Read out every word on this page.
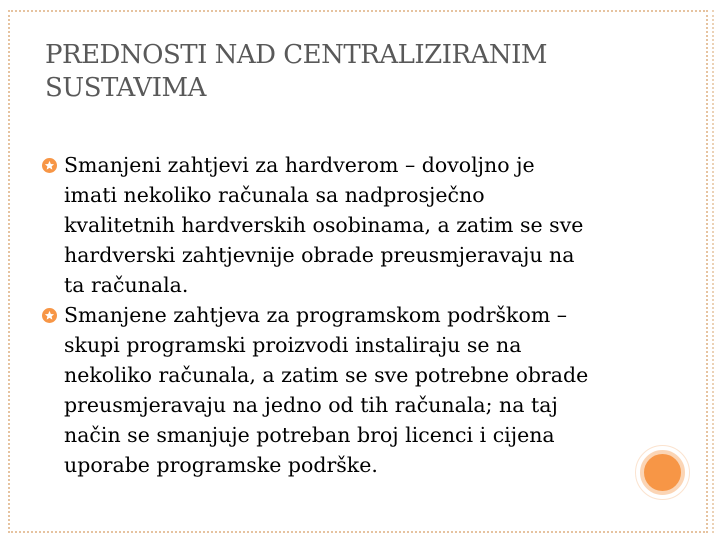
PREDNOSTI NAD CENTRALIZIRANIM
SUSTAVIMA
Smanjeni zahtjevi za hardverom – dovoljno je
imati nekoliko računala sa nadprosječno
kvalitetnih hardverskih osobinama, a zatim se sve
hardverski zahtjevnije obrade preusmjeravaju na
ta računala.
Smanjene zahtjeva za programskom podrškom –
skupi programski proizvodi instaliraju se na
nekoliko računala, a zatim se sve potrebne obrade
preusmjeravaju na jedno od tih računala; na taj
način se smanjuje potreban broj licenci i cijena
uporabe programske podrške.
